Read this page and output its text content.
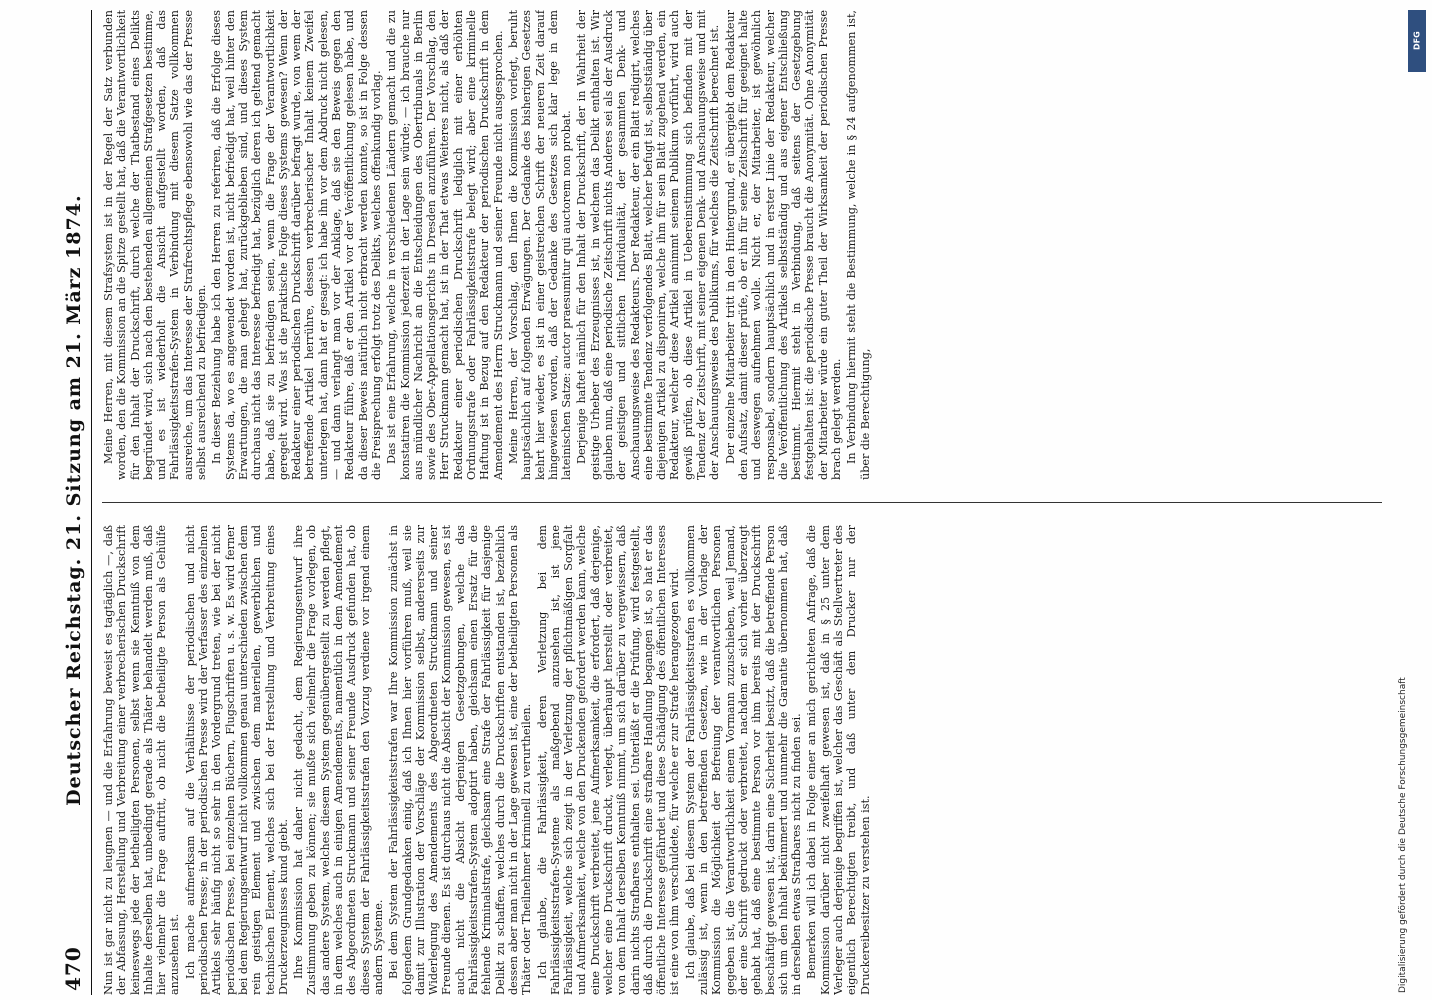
470
Deutscher Reichstag. 21. Sitzung am 21. März 1874. Nun ist gar nicht zu leugnen — und die Erfahrung beweist es tagtäglich —, daß der Abfassung, Herstellung und Verbreitung einer verbrecherischen Druckschrift keineswegs jede der betheiligten Personen, selbst wenn sie Kenntniß von dem Inhalte derselben hat, unbedingt gerade als Thäter behandelt werden muß, daß hier vielmehr die Frage auftritt, ob nicht die betheiligte Person als Gehülfe anzusehen ist. Ich mache aufmerksam auf die Verhältnisse der periodischen und nicht periodischen Presse; in der periodischen Presse wird der Verfasser des einzelnen Artikels sehr häufig nicht so sehr in den Vordergrund treten, wie bei der nicht periodischen Presse, bei einzelnen Büchern, Flugschriften u. s. w. Es wird ferner bei dem Regierungsentwurf nicht vollkommen genau unterschieden zwischen dem rein geistigen Element und zwischen dem materiellen, gewerblichen und technischen Element, welches sich bei der Herstellung und Verbreitung eines Druckerzeugnisses kund giebt. Ihre Kommission hat daher nicht gedacht, dem Regierungsentwurf ihre Zustimmung geben zu können; sie mußte sich vielmehr die Frage vorlegen, ob das andere System, welches diesem System gegenübergestellt zu werden pflegt, in dem welches auch in einigen Amendements, namentlich in dem Amendement des Abgeordneten Struckmann und seiner Freunde Ausdruck gefunden hat, ob dieses System der Fahrlässigkeitsstrafen den Vorzug verdiene vor irgend einem andern Systeme. Bei dem System der Fahrlässigkeitsstrafen war Ihre Kommission zunächst in folgendem Grundgedanken einig, daß ich Ihnen hier vorführen muß, weil sie damit zur Illustration der Vorschläge der Kommission selbst, andererseits zur Widerlegung des Amendements des Abgeordneten Struckmann und seiner Freunde dienen. Es ist durchaus nicht die Absicht der Kommission gewesen, es ist auch nicht die Absicht derjenigen Gesetzgebungen, welche das Fahrlässigkeitsstrafen-System adoptirt haben, gleichsam einen Ersatz für die fehlende Kriminalstrafe, gleichsam eine Strafe der Fahrlässigkeit für dasjenige Delikt zu schaffen, welches durch die Druckschriften entstanden ist, beziehlich dessen aber man nicht in der Lage gewesen ist, eine der betheiligten Personen als Thäter oder Theilnehmer kriminell zu verurtheilen. Ich glaube, die Fahrlässigkeit, deren Verletzung bei dem Fahrlässigkeitsstrafen-Systeme als maßgebend anzusehen ist, ist jene Fahrlässigkeit, welche sich zeigt in der Verletzung der pflichtmäßigen Sorgfalt und Aufmerksamkeit, welche von den Druckenden gefordert werden kann, welche eine Druckschrift verbreitet, jene Aufmerksamkeit, die erfordert, daß derjenige, welcher eine Druckschrift druckt, verlegt, überhaupt herstellt oder verbreitet, von dem Inhalt derselben Kenntniß nimmt, um sich darüber zu vergewissern, daß darin nichts Strafbares enthalten sei. Unterläßt er die Prüfung, wird festgestellt, daß durch die Druckschrift eine strafbare Handlung begangen ist, so hat er das öffentliche Interesse gefährdet und diese Schädigung des öffentlichen Interesses ist eine von ihm verschuldete, für welche er zur Strafe herangezogen wird. Ich glaube, daß bei diesem System der Fahrlässigkeitsstrafen es vollkommen zulässig ist, wenn in den betreffenden Gesetzen, wie in der Vorlage der Kommission die Möglichkeit der Befreiung der verantwortlichen Personen gegeben ist, die Verantwortlichkeit einem Vormann zuzuschieben, weil Jemand, der eine Schrift gedruckt oder verbreitet, nachdem er sich vorher überzeugt gehabt hat, daß eine bestimmte Person vor ihm bereits mit der Druckschrift beschäftigt gewesen ist, darin eine Sicherheit besitzt, daß die betreffende Person sich um den Inhalt bekümmert und nunmehr die Garantie übernommen hat, daß in derselben etwas Strafbares nicht zu finden sei. Bemerken will ich dabei in Folge einer an mich gerichteten Anfrage, daß die Kommission darüber nicht zweifelhaft gewesen ist, daß in § 25 unter dem Verleger auch derjenige begriffen ist, welcher das Geschäft als Stellvertreter des eigentlich Berechtigten treibt, und daß unter dem Drucker nur der Druckereibesitzer zu verstehen ist.

Meine Herren, mit diesem Strafsystem ist in der Regel der Satz verbunden worden, den die Kommission an die Spitze gestellt hat, daß die Verantwortlichkeit für den Inhalt der Druckschrift, durch welche der Thatbestand eines Delikts begründet wird, sich nach den bestehenden allgemeinen Strafgesetzen bestimme, und es ist wiederholt die Ansicht aufgestellt worden, daß das Fahrlässigkeitsstrafen-System in Verbindung mit diesem Satze vollkommen ausreiche, um das Interesse der Strafrechtspflege ebensowohl wie das der Presse selbst ausreichend zu befriedigen. In dieser Beziehung habe ich den Herren zu referiren, daß die Erfolge dieses Systems da, wo es angewendet worden ist, nicht befriedigt hat, weil hinter den Erwartungen, die man gehegt hat, zurückgeblieben sind, und dieses System durchaus nicht das Interesse befriedigt hat, bezüglich deren ich geltend gemacht habe, daß sie zu befriedigen seien, wenn die Frage der Verantwortlichkeit geregelt wird. Was ist die praktische Folge dieses Systems gewesen? Wenn der Redakteur einer periodischen Druckschrift darüber befragt wurde, von wem der betreffende Artikel herrühre, dessen verbrecherischer Inhalt keinem Zweifel unterlegen hat, dann hat er gesagt: ich habe ihn vor dem Abdruck nicht gelesen, — und dann verlangt man vor der Anklage, daß sie den Beweis gegen den Redakteur führe, daß er den Artikel vor der Veröffentlichung gelesen habe, und da dieser Beweis natürlich nicht erbracht werden konnte, so ist in Folge dessen die Freisprechung erfolgt trotz des Delikts, welches offenkundig vorlag. Das ist eine Erfahrung, welche in verschiedenen Ländern gemacht und die zu konstatiren die Kommission jederzeit in der Lage sein würde; — ich brauche nur aus mündlicher Nachricht an die Entscheidungen des Obertribunals in Berlin sowie des Ober-Appellationsgerichts in Dresden anzuführen. Der Vorschlag, den Herr Struckmann gemacht hat, ist in der That etwas Weiteres nicht, als daß der Redakteur einer periodischen Druckschrift lediglich mit einer erhöhten Ordnungsstrafe oder Fahrlässigkeitsstrafe belegt wird; aber eine kriminelle Haftung ist in Bezug auf den Redakteur der periodischen Druckschrift in dem Amendement des Herrn Struckmann und seiner Freunde nicht ausgesprochen. Meine Herren, der Vorschlag, den Ihnen die Kommission vorlegt, beruht hauptsächlich auf folgenden Erwägungen. Der Gedanke des bisherigen Gesetzes kehrt hier wieder, es ist in einer geistreichen Schrift der neueren Zeit darauf hingewiesen worden, daß der Gedanke des Gesetzes sich klar lege in dem lateinischen Satze: auctor praesumitur qui auctorem non probat. Derjenige haftet nämlich für den Inhalt der Druckschrift, der in Wahrheit der geistige Urheber des Erzeugnisses ist, in welchem das Delikt enthalten ist. Wir glauben nun, daß eine periodische Zeitschrift nichts Anderes sei als der Ausdruck der geistigen und sittlichen Individualität, der gesammten Denk- und Anschauungsweise des Redakteurs. Der Redakteur, der ein Blatt redigirt, welches eine bestimmte Tendenz verfolgendes Blatt, welcher befugt ist, selbstständig über diejenigen Artikel zu disponiren, welche ihm für sein Blatt zugehend werden, ein Redakteur, welcher diese Artikel annimmt seinem Publikum vorführt, wird auch gewiß prüfen, ob diese Artikel in Uebereinstimmung sich befinden mit der Tendenz der Zeitschrift, mit seiner eigenen Denk- und Anschauungsweise und mit der Anschauungsweise des Publikums, für welches die Zeitschrift berechnet ist. Der einzelne Mitarbeiter tritt in den Hintergrund, er übergiebt dem Redakteur den Aufsatz, damit dieser prüfe, ob er ihn für seine Zeitschrift für geeignet halte und deswegen aufnehmen wolle. Nicht er, der Mitarbeiter, ist gewöhnlich responsabel, sondern hauptsächlich und in erster Linie der Redakteur, welcher die Veröffentlichung des Artikels selbstständig und aus eigener Entschließung bestimmt. Hiermit steht in Verbindung, daß seitens der Gesetzgebung festgehalten ist: die periodische Presse braucht die Anonymität. Ohne Anonymität der Mitarbeiter würde ein guter Theil der Wirksamkeit der periodischen Presse brach gelegt werden. In Verbindung hiermit steht die Bestimmung, welche in § 24 aufgenommen ist, über die Berechtigung,

Digitalisierung gefördert durch die Deutsche Forschungsgemeinschaft
DFG
